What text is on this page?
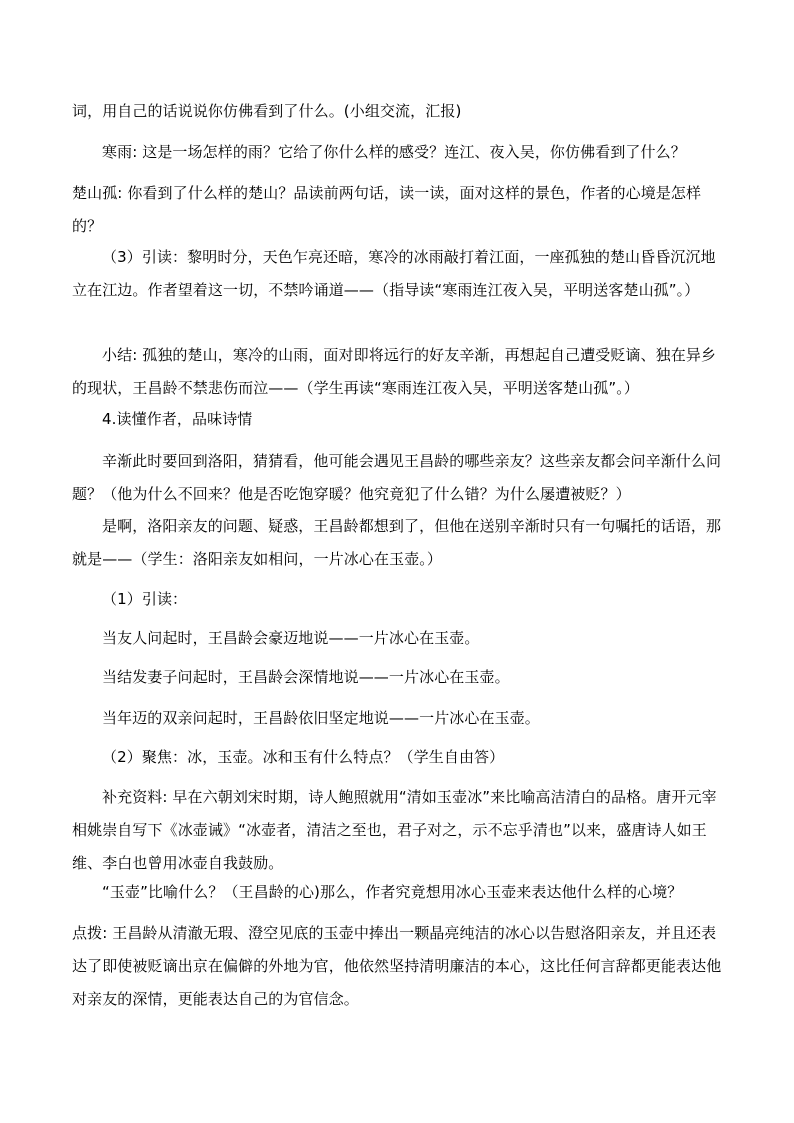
词，用自己的话说说你仿佛看到了什么。(小组交流，汇报)
寒雨: 这是一场怎样的雨？它给了你什么样的感受？连江、夜入吴，你仿佛看到了什么？
楚山孤: 你看到了什么样的楚山？品读前两句话，读一读，面对这样的景色，作者的心境是怎样的？
（3）引读：黎明时分，天色乍亮还暗，寒冷的冰雨敲打着江面，一座孤独的楚山昏昏沉沉地立在江边。作者望着这一切，不禁吟诵道——（指导读“寒雨连江夜入吴，平明送客楚山孤”。）
小结: 孤独的楚山，寒冷的山雨，面对即将远行的好友辛渐，再想起自己遭受贬谪、独在异乡的现状，王昌龄不禁悲伤而泣——（学生再读“寒雨连江夜入吴，平明送客楚山孤”。）
4.读懂作者，品味诗情
辛渐此时要回到洛阳，猜猜看，他可能会遇见王昌龄的哪些亲友？这些亲友都会问辛渐什么问题？（他为什么不回来？他是否吃饱穿暖？他究竟犯了什么错？为什么屡遭被贬？）
是啊，洛阳亲友的问题、疑惑，王昌龄都想到了，但他在送别辛渐时只有一句嘱托的话语，那就是——（学生：洛阳亲友如相问，一片冰心在玉壶。）
（1）引读：
当友人问起时，王昌龄会豪迈地说——一片冰心在玉壶。
当结发妻子问起时，王昌龄会深情地说——一片冰心在玉壶。
当年迈的双亲问起时，王昌龄依旧坚定地说——一片冰心在玉壶。
（2）聚焦：冰，玉壶。冰和玉有什么特点？（学生自由答）
补充资料: 早在六朝刘宋时期，诗人鲍照就用“清如玉壶冰”来比喻高洁清白的品格。唐开元宰相姚崇自写下《冰壶诫》“冰壶者，清洁之至也，君子对之，示不忘乎清也”以来，盛唐诗人如王维、李白也曾用冰壶自我鼓励。
“玉壶”比喻什么？（王昌龄的心)那么，作者究竟想用冰心玉壶来表达他什么样的心境？
点拨: 王昌龄从清澈无瑕、澄空见底的玉壶中捧出一颗晶亮纯洁的冰心以告慰洛阳亲友，并且还表达了即使被贬谪出京在偏僻的外地为官，他依然坚持清明廉洁的本心，这比任何言辞都更能表达他对亲友的深情，更能表达自己的为官信念。
